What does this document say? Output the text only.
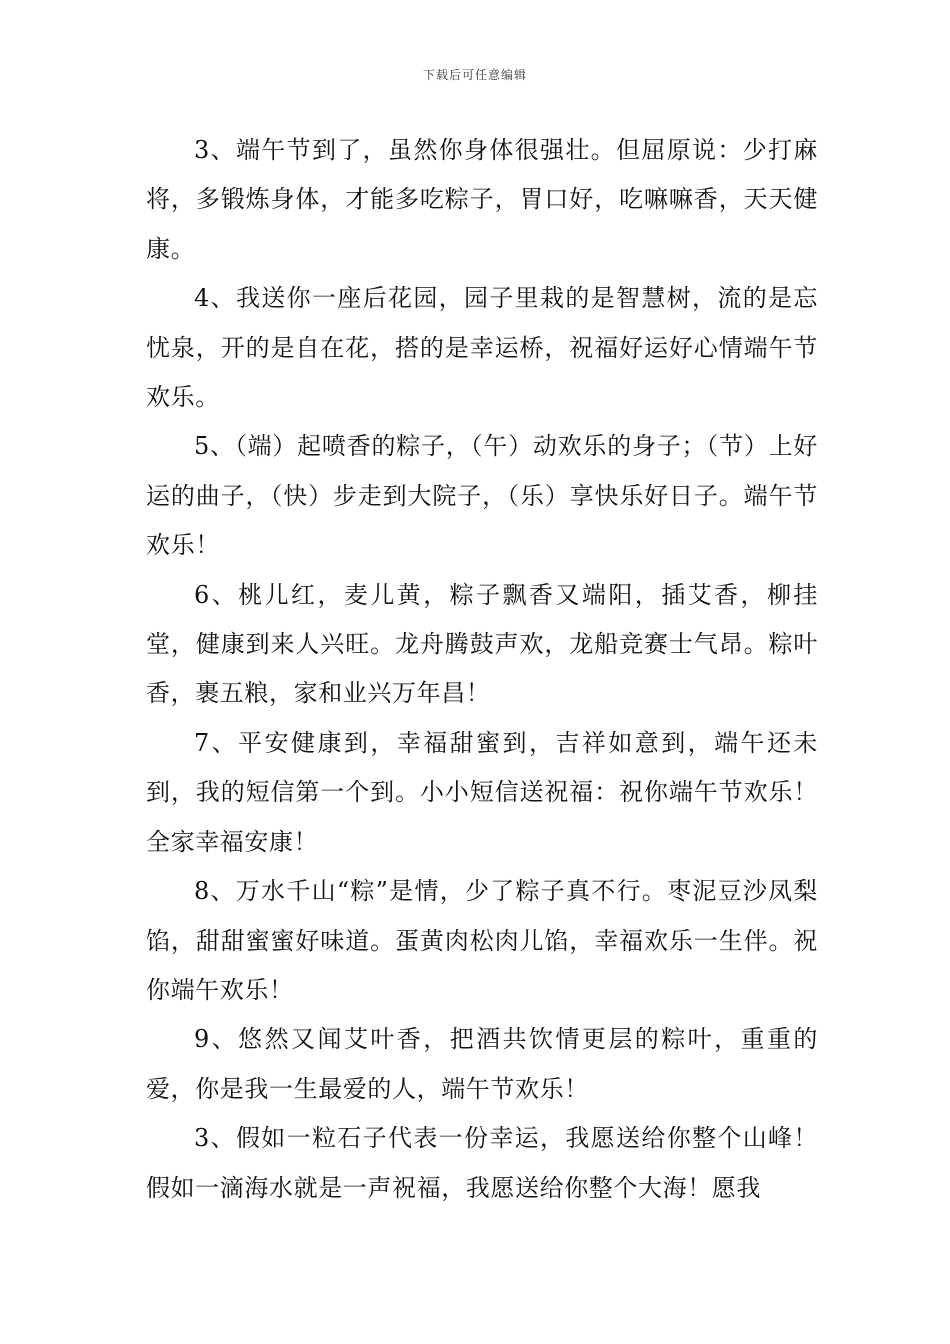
下载后可任意编辑

3、端午节到了，虽然你身体很强壮。但屈原说：少打麻将，多锻炼身体，才能多吃粽子，胃口好，吃嘛嘛香，天天健康。

4、我送你一座后花园，园子里栽的是智慧树，流的是忘忧泉，开的是自在花，搭的是幸运桥，祝福好运好心情端午节欢乐。

5、（端）起喷香的粽子，（午）动欢乐的身子；（节）上好运的曲子，（快）步走到大院子，（乐）享快乐好日子。端午节欢乐！

6、桃儿红，麦儿黄，粽子飘香又端阳，插艾香，柳挂堂，健康到来人兴旺。龙舟腾鼓声欢，龙船竞赛士气昂。粽叶香，裹五粮，家和业兴万年昌！

7、平安健康到，幸福甜蜜到，吉祥如意到，端午还未到，我的短信第一个到。小小短信送祝福：祝你端午节欢乐！全家幸福安康！

8、万水千山“粽”是情，少了粽子真不行。枣泥豆沙凤梨馅，甜甜蜜蜜好味道。蛋黄肉松肉儿馅，幸福欢乐一生伴。祝你端午欢乐！

9、悠然又闻艾叶香，把酒共饮情更层的粽叶，重重的爱，你是我一生最爱的人，端午节欢乐！

3、假如一粒石子代表一份幸运，我愿送给你整个山峰！假如一滴海水就是一声祝福，我愿送给你整个大海！愿我
